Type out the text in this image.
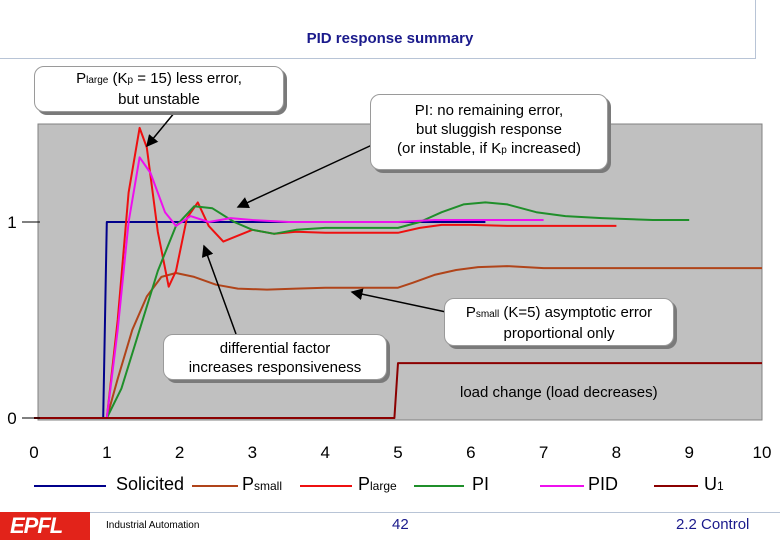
PID response summary
0	1	2	3	4	5	6	7	8	9	10
0
1
Plarge (Kp = 15) less error,
but unstable
PI: no remaining error,
but sluggish response
(or instable, if Kp increased)
differential factor
increases responsiveness
Psmall (K=5) asymptotic error
proportional only
load change (load decreases)
Solicited	Psmall	Plarge	PI	PID	U1
EPFL	Industrial Automation	42	2.2 Control
